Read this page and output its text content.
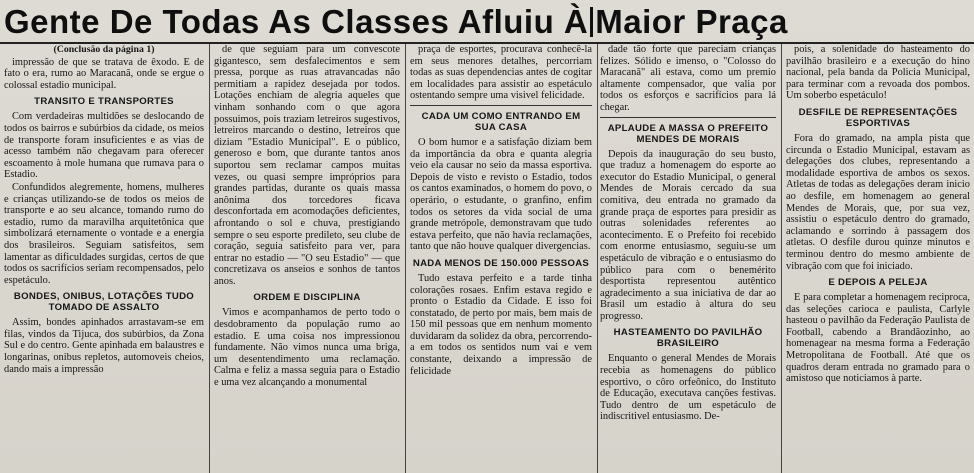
Gente De Todas As Classes Afluiu À Maior Praça

(Conclusão da página 1)

impressão de que se tratava de êxodo. E de fato o era, rumo ao Maracanã, onde se ergue o colossal estadio municipal.

TRANSITO E TRANSPORTES

Com verdadeiras multidões se deslocando de todos os bairros e subúrbios da cidade, os meios de transporte foram insuficientes e as vias de acesso também não chegavam para oferecer escoamento à mole humana que rumava para o Estadio.

Confundidos alegremente, homens, mulheres e crianças utilizando-se de todos os meios de transporte e ao seu alcance, tomando rumo do estadio, rumo da maravilha arquitetônica que simbolizará eternamente o vontade e a energia dos brasileiros. Seguiam satisfeitos, sem lamentar as dificuldades surgidas, certos de que todos os sacrifícios seriam recompensados, pelo espetáculo.

BONDES, ONIBUS, LOTAÇÕES TUDO TOMADO DE ASSALTO

Assim, bondes apinhados arrastavam-se em filas, vindos da Tijuca, dos subúrbios, da Zona Sul e do centro. Gente apinhada em balaustres e longarinas, onibus repletos, automoveis cheios, dando mais a impressão

de que seguiam para um convescote gigantesco, sem desfalecimentos e sem pressa, porque as ruas atravancadas não permitiam a rapidez desejada por todos. Lotações enchiam de alegria aqueles que vinham sonhando com o que agora possuimos, pois traziam letreiros sugestivos, letreiros marcando o destino, letreiros que diziam "Estadio Municipal". E o público, generoso e bom, que durante tantos anos suportou sem reclamar campos muitas vezes, ou quasi sempre impróprios para grandes partidas, durante os quais massa anônima dos torcedores ficava desconfortada em acomodações deficientes, afrontando o sol e chuva, prestigiando sempre o seu esporte predileto, seu clube de coração, seguia satisfeito para ver, para entrar no estadio — "O seu Estadio" — que concretizava os anseios e sonhos de tantos anos.

ORDEM E DISCIPLINA

Vimos e acompanhamos de perto todo o desdobramento da população rumo ao estadio. E uma coisa nos impressionou fundamente. Não vimos nunca uma briga, um desentendimento uma reclamação. Calma e feliz a massa seguia para o Estadio e uma vez alcançando a monumental

praça de esportes, procurava conhecê-la em seus menores detalhes, percorriam todas as suas dependencias antes de cogitar em localidades para assistir ao espetáculo ostentando sempre uma visivel felicidade.

CADA UM COMO ENTRANDO EM SUA CASA

O bom humor e a satisfação diziam bem da importância da obra e quanta alegria veio ela causar no seio da massa esportiva. Depois de visto e revisto o Estadio, todos os cantos examinados, o homem do povo, o operário, o estudante, o granfino, enfim todos os setores da vida social de uma grande metrópole, demonstravam que tudo estava perfeito, que não havia reclamações, tanto que não houve qualquer divergencias.

NADA MENOS DE 150.000 PESSOAS

Tudo estava perfeito e a tarde tinha colorações rosaes. Enfim estava regido e pronto o Estadio da Cidade. E isso foi constatado, de perto por mais, bem mais de 150 mil pessoas que em nenhum momento duvidaram da solidez da obra, percorrendo-a em todos os sentidos num vai e vem constante, deixando a impressão de felicidade

dade tão forte que pareciam crianças felizes. Sólido e imenso, o "Colosso do Maracanã" ali estava, como um premio altamente compensador, que valia por todos os esforços e sacrifícios para lá chegar.

APLAUDE A MASSA O PREFEITO MENDES DE MORAIS

Depois da inauguração do seu busto, que traduz a homenagem do esporte ao executor do Estadio Municipal, o general Mendes de Morais cercado da sua comitiva, deu entrada no gramado da grande praça de esportes para presidir as outras solenidades referentes ao acontecimento. E o Prefeito foi recebido com enorme entusiasmo, seguiu-se um espetáculo de vibração e o entusiasmo do público para com o benemérito desportista representou autêntico agradecimento a sua iniciativa de dar ao Brasil um estadio à altura do seu progresso.

HASTEAMENTO DO PAVILHÃO BRASILEIRO

Enquanto o general Mendes de Morais recebia as homenagens do público esportivo, o côro orfeônico, do Instituto de Educação, executava canções festivas. Tudo dentro de um espetáculo de indiscritivel entusiasmo. De-

pois, a solenidade do hasteamento do pavilhão brasileiro e a execução do hino nacional, pela banda da Policia Municipal, para terminar com a revoada dos pombos. Um soberbo espetáculo!

DESFILE DE REPRESENTAÇÕES ESPORTIVAS

Fora do gramado, na ampla pista que circunda o Estadio Municipal, estavam as delegações dos clubes, representando a modalidade esportiva de ambos os sexos. Atletas de todas as delegações deram inicio ao desfile, em homenagem ao general Mendes de Morais, que, por sua vez, assistiu o espetáculo dentro do gramado, aclamando e sorrindo à passagem dos atletas. O desfile durou quinze minutos e terminou dentro do mesmo ambiente de vibração com que foi iniciado.

E DEPOIS A PELEJA

E para completar a homenagem reciproca, das seleções carioca e paulista, Carlyle hasteou o pavilhão da Federação Paulista de Football, cabendo a Brandãozinho, ao homenagear na mesma forma a Federação Metropolitana de Football. Até que os quadros deram entrada no gramado para o amistoso que noticiamos à parte.
